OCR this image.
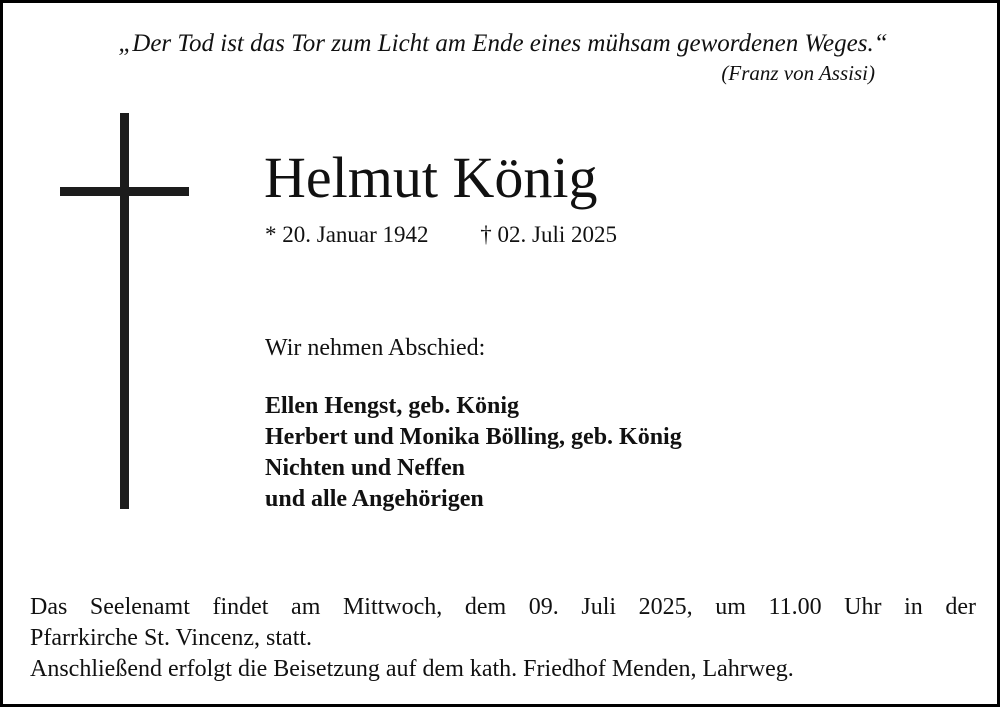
„Der Tod ist das Tor zum Licht am Ende eines mühsam gewordenen Weges.“
(Franz von Assisi)
Helmut König
* 20. Januar 1942 † 02. Juli 2025
Wir nehmen Abschied:
Ellen Hengst, geb. König
Herbert und Monika Bölling, geb. König
Nichten und Neffen
und alle Angehörigen
Das Seelenamt findet am Mittwoch, dem 09. Juli 2025, um 11.00 Uhr in der
Pfarrkirche St. Vincenz, statt.
Anschließend erfolgt die Beisetzung auf dem kath. Friedhof Menden, Lahrweg.
